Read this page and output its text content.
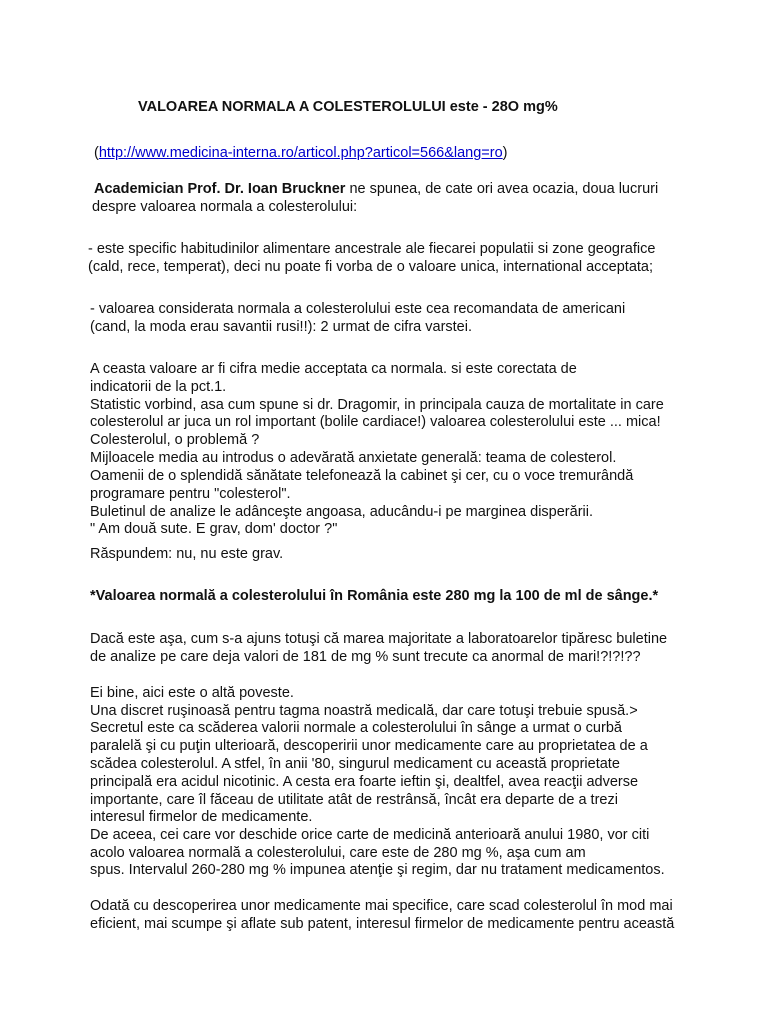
VALOAREA NORMALA A COLESTEROLULUI este - 28O mg%
(http://www.medicina-interna.ro/articol.php?articol=566&lang=ro)
Academician Prof. Dr. Ioan Bruckner ne spunea, de cate ori avea ocazia, doua lucruri
despre valoarea normala a colesterolului:
- este specific habitudinilor alimentare ancestrale ale fiecarei populatii si zone geografice
(cald, rece, temperat), deci nu poate fi vorba de o valoare unica, international acceptata;
- valoarea considerata normala a colesterolului este cea recomandata de americani
(cand, la moda erau savantii rusi!!): 2 urmat de cifra varstei.
A ceasta valoare ar fi cifra medie acceptata ca normala. si este corectata de
indicatorii de la pct.1.
Statistic vorbind, asa cum spune si dr. Dragomir, in principala cauza de mortalitate in care
colesterolul ar juca un rol important (bolile cardiace!) valoarea colesterolului este ... mica!
Colesterolul, o problemă ?
Mijloacele media au introdus o adevărată anxietate generală: teama de colesterol.
Oamenii de o splendidă sănătate telefonează la cabinet şi cer, cu o voce tremurândă
programare pentru "colesterol".
Buletinul de analize le adânceşte angoasa, aducându-i pe marginea disperării.
" Am două sute. E grav, dom' doctor ?"
Răspundem: nu, nu este grav.
*Valoarea normală a colesterolului în România este 280 mg la 100 de ml de sânge.*
Dacă este aşa, cum s-a ajuns totuşi că marea majoritate a laboratoarelor tipăresc buletine
de analize pe care deja valori de 181 de mg % sunt trecute ca anormal de mari!?!?!??
Ei bine, aici este o altă poveste.
Una discret ruşinoasă pentru tagma noastră medicală, dar care totuşi trebuie spusă.>
Secretul este ca scăderea valorii normale a colesterolului în sânge a urmat o curbă
paralelă şi cu puţin ulterioară, descoperirii unor medicamente care au proprietatea de a
scădea colesterolul. A stfel, în anii '80, singurul medicament cu această proprietate
principală era acidul nicotinic. A cesta era foarte ieftin şi, dealtfel, avea reacţii adverse
importante, care îl făceau de utilitate atât de restrânsă, încât era departe de a trezi
interesul firmelor de medicamente.
De aceea, cei care vor deschide orice carte de medicină anterioară anului 1980, vor citi
acolo valoarea normală a colesterolului, care este de 280 mg %, aşa cum am
spus. Intervalul 260-280 mg % impunea atenţie şi regim, dar nu tratament medicamentos.
Odată cu descoperirea unor medicamente mai specifice, care scad colesterolul în mod mai
eficient, mai scumpe şi aflate sub patent, interesul firmelor de medicamente pentru această
